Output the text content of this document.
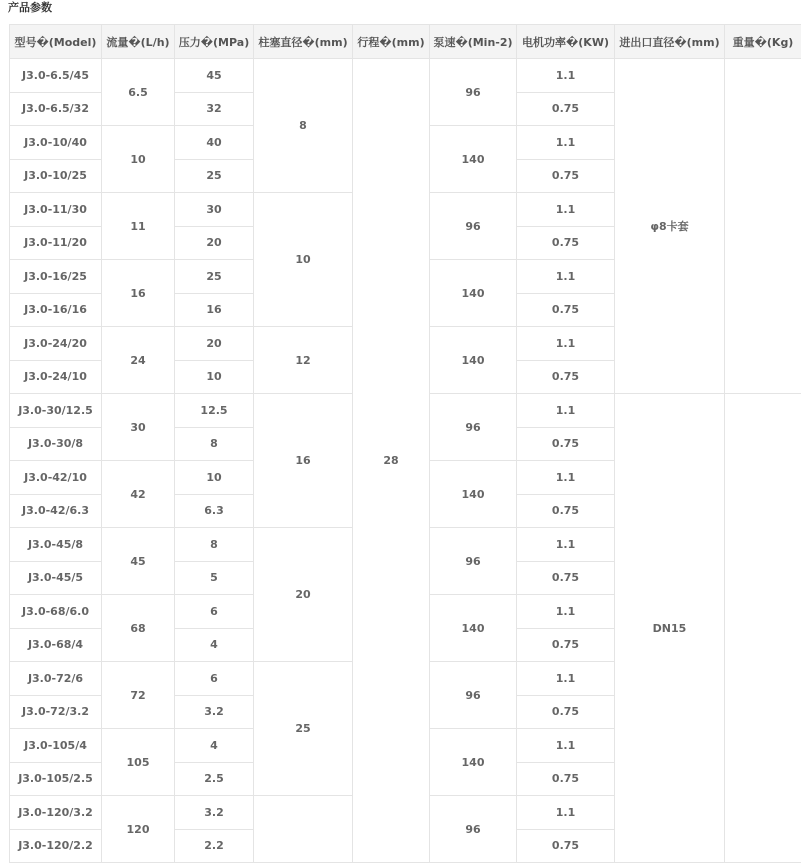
产品参数
型号�(Model)	流量�(L/h)	压力�(MPa)	柱塞直径�(mm)	行程�(mm)	泵速�(Min-2)	电机功率�(KW)	进出口直径�(mm)	重量�(Kg)
J3.0-6.5/45	6.5	45	8	28	96	1.1	φ8卡套	
J3.0-6.5/32		32				0.75		
J3.0-10/40	10	40			140	1.1		
J3.0-10/25		25				0.75		
J3.0-11/30	11	30	10		96	1.1		
J3.0-11/20		20				0.75		
J3.0-16/25	16	25			140	1.1		
J3.0-16/16		16				0.75		
J3.0-24/20	24	20	12		140	1.1		
J3.0-24/10		10				0.75		
J3.0-30/12.5	30	12.5	16		96	1.1	DN15	
J3.0-30/8		8				0.75		
J3.0-42/10	42	10			140	1.1		
J3.0-42/6.3		6.3				0.75		
J3.0-45/8	45	8	20		96	1.1		
J3.0-45/5		5				0.75		
J3.0-68/6.0	68	6			140	1.1		
J3.0-68/4		4				0.75		
J3.0-72/6	72	6	25		96	1.1		
J3.0-72/3.2		3.2				0.75		
J3.0-105/4	105	4			140	1.1		
J3.0-105/2.5		2.5				0.75		
J3.0-120/3.2	120	3.2			96	1.1		
J3.0-120/2.2		2.2				0.75		
